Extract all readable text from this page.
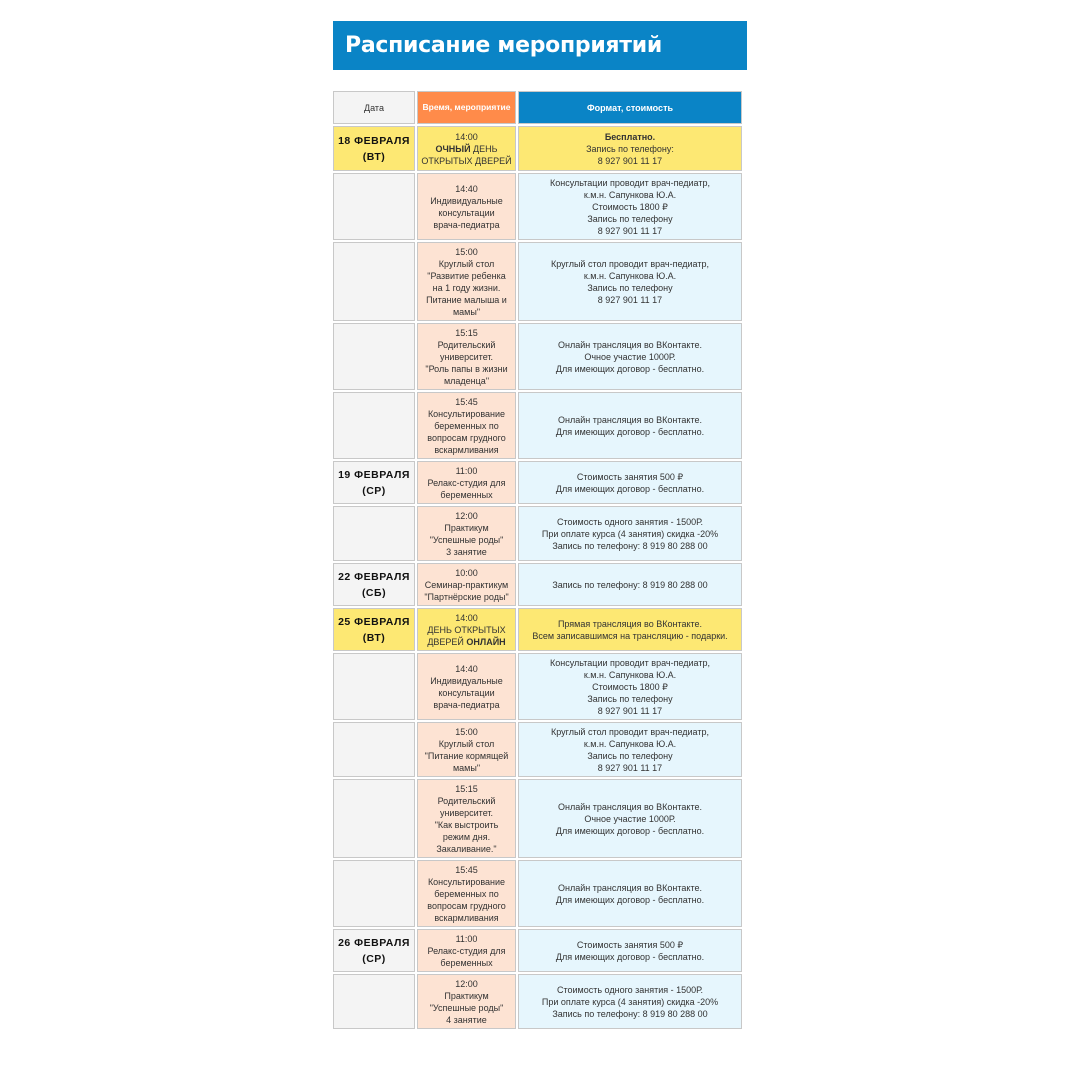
Расписание мероприятий
Дата	Время, мероприятие	Формат, стоимость
18 ФЕВРАЛЯ
(ВТ)
14:00
ОЧНЫЙ ДЕНЬ
ОТКРЫТЫХ ДВЕРЕЙ
Бесплатно.
Запись по телефону:
8 927 901 11 17
14:40
Индивидуальные
консультации
врача-педиатра
Консультации проводит врач-педиатр,
к.м.н. Сапункова Ю.А.
Стоимость 1800 ₽
Запись по телефону
8 927 901 11 17
15:00
Круглый стол
"Развитие ребенка
на 1 году жизни.
Питание малыша и
мамы"
Круглый стол проводит врач-педиатр,
к.м.н. Сапункова Ю.А.
Запись по телефону
8 927 901 11 17
15:15
Родительский
университет.
"Роль папы в жизни
младенца"
Онлайн трансляция во ВКонтакте.
Очное участие 1000Р.
Для имеющих договор - бесплатно.
15:45
Консультирование
беременных по
вопросам грудного
вскармливания
Онлайн трансляция во ВКонтакте.
Для имеющих договор - бесплатно.
19 ФЕВРАЛЯ
(СР)
11:00
Релакс-студия для
беременных
Стоимость занятия 500 ₽
Для имеющих договор - бесплатно.
12:00
Практикум
"Успешные роды"
3 занятие
Стоимость одного занятия - 1500Р.
При оплате курса (4 занятия) скидка -20%
Запись по телефону: 8 919 80 288 00
22 ФЕВРАЛЯ
(СБ)
10:00
Семинар-практикум
"Партнёрские роды"
Запись по телефону: 8 919 80 288 00
25 ФЕВРАЛЯ
(ВТ)
14:00
ДЕНЬ ОТКРЫТЫХ
ДВЕРЕЙ ОНЛАЙН
Прямая трансляция во ВКонтакте.
Всем записавшимся на трансляцию - подарки.
14:40
Индивидуальные
консультации
врача-педиатра
Консультации проводит врач-педиатр,
к.м.н. Сапункова Ю.А.
Стоимость 1800 ₽
Запись по телефону
8 927 901 11 17
15:00
Круглый стол
"Питание кормящей
мамы"
Круглый стол проводит врач-педиатр,
к.м.н. Сапункова Ю.А.
Запись по телефону
8 927 901 11 17
15:15
Родительский
университет.
"Как выстроить
режим дня.
Закаливание."
Онлайн трансляция во ВКонтакте.
Очное участие 1000Р.
Для имеющих договор - бесплатно.
15:45
Консультирование
беременных по
вопросам грудного
вскармливания
Онлайн трансляция во ВКонтакте.
Для имеющих договор - бесплатно.
26 ФЕВРАЛЯ
(СР)
11:00
Релакс-студия для
беременных
Стоимость занятия 500 ₽
Для имеющих договор - бесплатно.
12:00
Практикум
"Успешные роды"
4 занятие
Стоимость одного занятия - 1500Р.
При оплате курса (4 занятия) скидка -20%
Запись по телефону: 8 919 80 288 00
